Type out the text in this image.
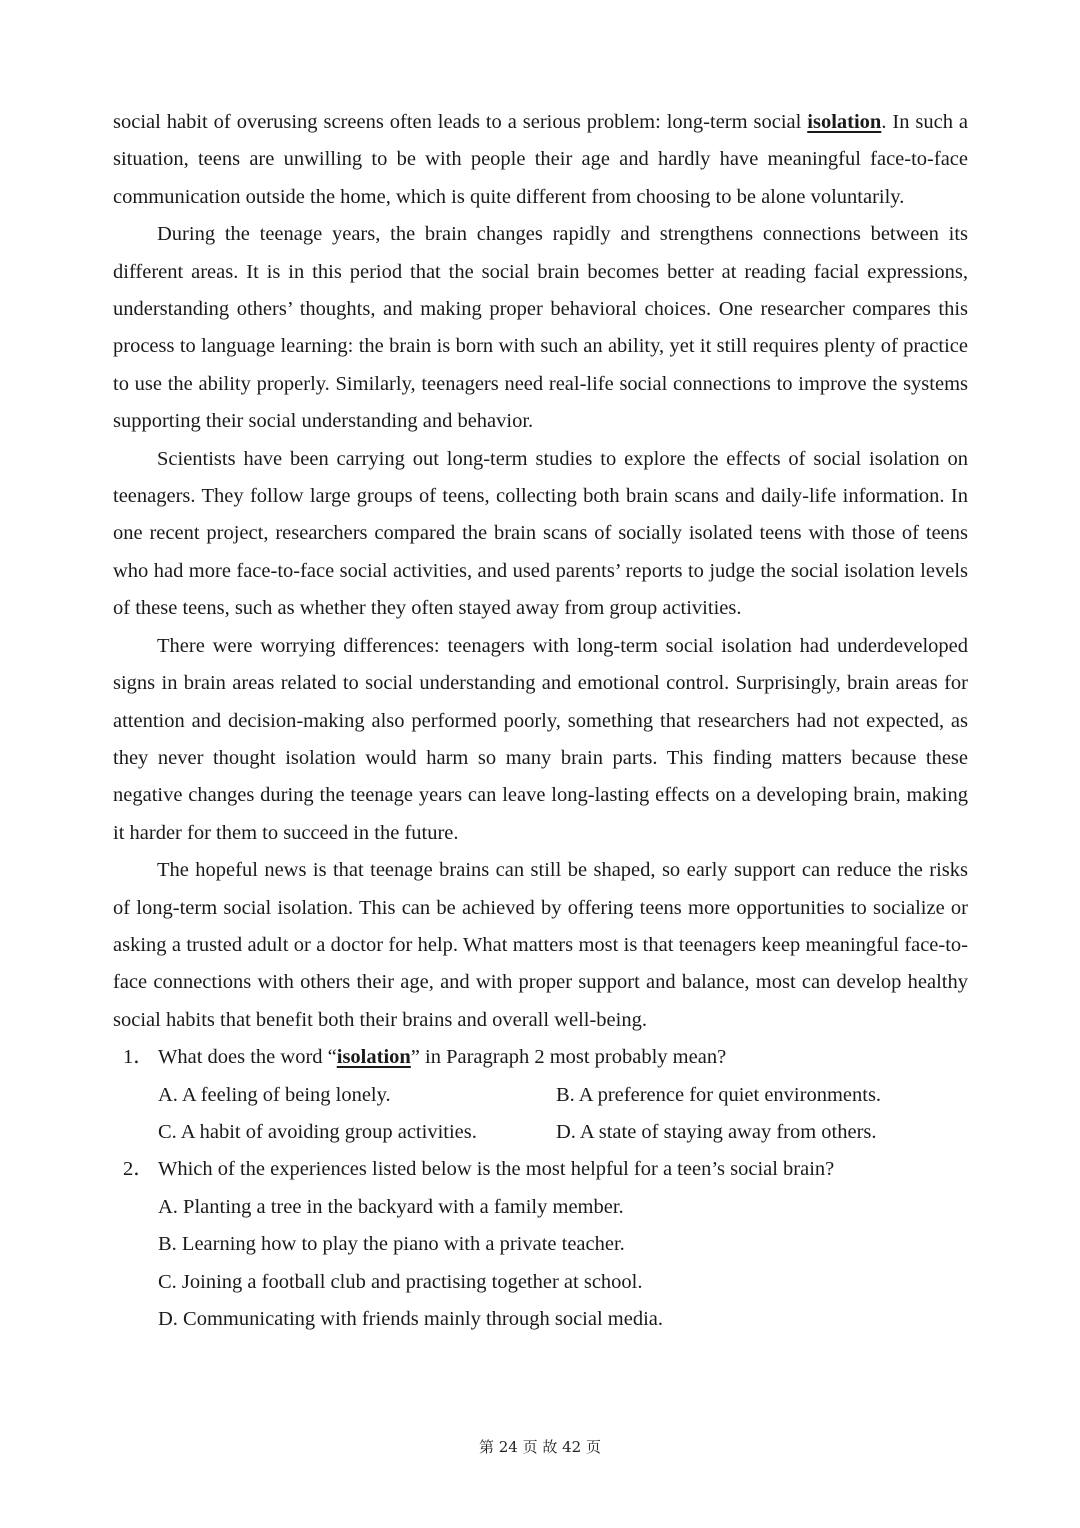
social habit of overusing screens often leads to a serious problem: long-term social isolation. In such a situation, teens are unwilling to be with people their age and hardly have meaningful face-to-face communication outside the home, which is quite different from choosing to be alone voluntarily.

During the teenage years, the brain changes rapidly and strengthens connections between its different areas. It is in this period that the social brain becomes better at reading facial expressions, understanding others’ thoughts, and making proper behavioral choices. One researcher compares this process to language learning: the brain is born with such an ability, yet it still requires plenty of practice to use the ability properly. Similarly, teenagers need real-life social connections to improve the systems supporting their social understanding and behavior.

Scientists have been carrying out long-term studies to explore the effects of social isolation on teenagers. They follow large groups of teens, collecting both brain scans and daily-life information. In one recent project, researchers compared the brain scans of socially isolated teens with those of teens who had more face-to-face social activities, and used parents’ reports to judge the social isolation levels of these teens, such as whether they often stayed away from group activities.

There were worrying differences: teenagers with long-term social isolation had underdeveloped signs in brain areas related to social understanding and emotional control. Surprisingly, brain areas for attention and decision-making also performed poorly, something that researchers had not expected, as they never thought isolation would harm so many brain parts. This finding matters because these negative changes during the teenage years can leave long-lasting effects on a developing brain, making it harder for them to succeed in the future.

The hopeful news is that teenage brains can still be shaped, so early support can reduce the risks of long-term social isolation. This can be achieved by offering teens more opportunities to socialize or asking a trusted adult or a doctor for help. What matters most is that teenagers keep meaningful face-to-face connections with others their age, and with proper support and balance, most can develop healthy social habits that benefit both their brains and overall well-being.

1． What does the word “isolation” in Paragraph 2 most probably mean?
A. A feeling of being lonely.	B. A preference for quiet environments.
C. A habit of avoiding group activities.	D. A state of staying away from others.
2． Which of the experiences listed below is the most helpful for a teen’s social brain?
A. Planting a tree in the backyard with a family member.
B. Learning how to play the piano with a private teacher.
C. Joining a football club and practising together at school.
D. Communicating with friends mainly through social media.
第 24 页 故 42 页
